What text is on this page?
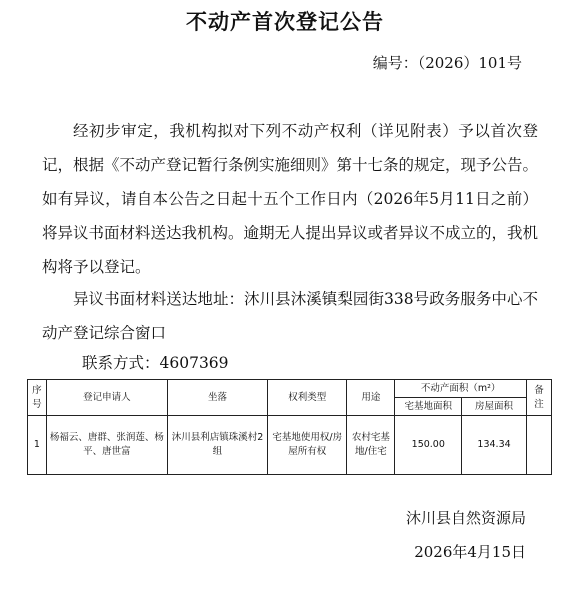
不动产首次登记公告
编号：（2026）101号
经初步审定，我机构拟对下列不动产权利（详见附表）予以首次登记，根据《不动产登记暂行条例实施细则》第十七条的规定，现予公告。如有异议，请自本公告之日起十五个工作日内（2026年5月11日之前）将异议书面材料送达我机构。逾期无人提出异议或者异议不成立的，我机构将予以登记。
异议书面材料送达地址：沐川县沐溪镇梨园街338号政务服务中心不动产登记综合窗口
联系方式：4607369
序号	登记申请人	坐落	权利类型	用途	不动产面积（m²）		备注
					宅基地面积	房屋面积	
1	杨福云、唐群、张润莲、杨平、唐世富	沐川县利店镇珠溪村2组	宅基地使用权/房屋所有权	农村宅基地/住宅	150.00	134.34	
沐川县自然资源局
2026年4月15日
